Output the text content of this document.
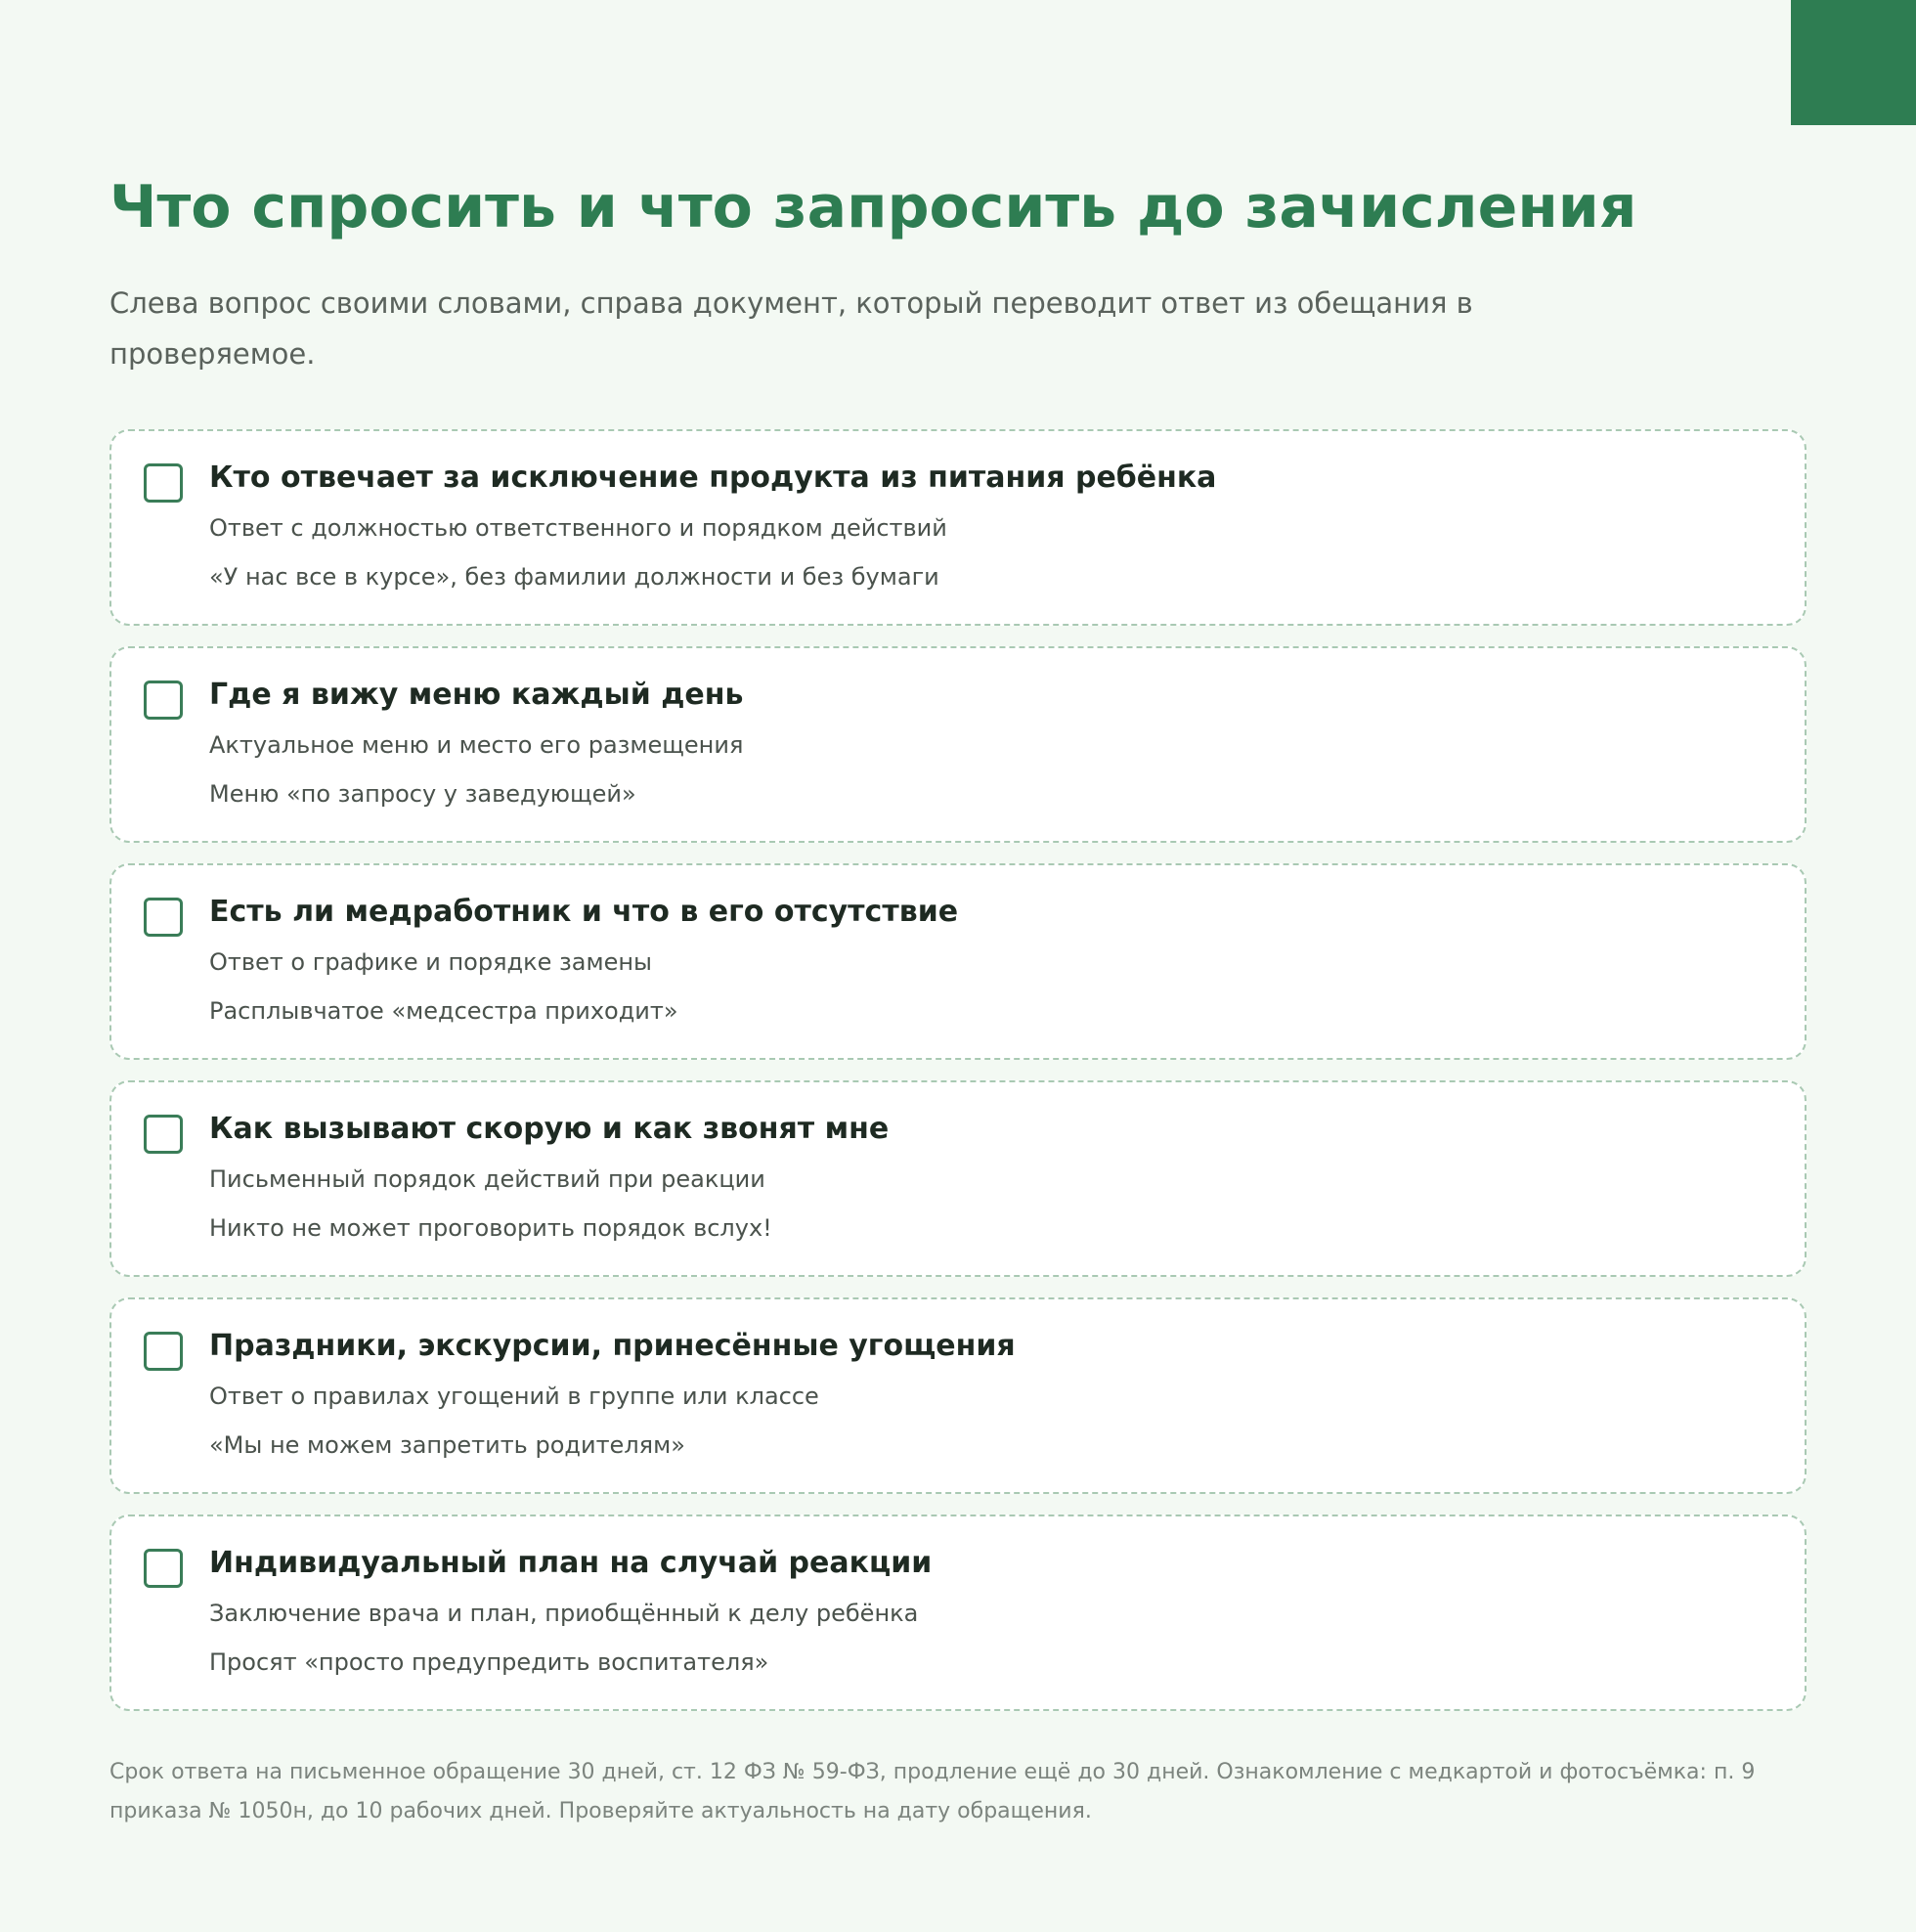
Что спросить и что запросить до зачисления

Слева вопрос своими словами, справа документ, который переводит ответ из обещания в проверяемое.

Кто отвечает за исключение продукта из питания ребёнка
Ответ с должностью ответственного и порядком действий
«У нас все в курсе», без фамилии должности и без бумаги
Где я вижу меню каждый день
Актуальное меню и место его размещения
Меню «по запросу у заведующей»
Есть ли медработник и что в его отсутствие
Ответ о графике и порядке замены
Расплывчатое «медсестра приходит»
Как вызывают скорую и как звонят мне
Письменный порядок действий при реакции
Никто не может проговорить порядок вслух!
Праздники, экскурсии, принесённые угощения
Ответ о правилах угощений в группе или классе
«Мы не можем запретить родителям»
Индивидуальный план на случай реакции
Заключение врача и план, приобщённый к делу ребёнка
Просят «просто предупредить воспитателя»

Срок ответа на письменное обращение 30 дней, ст. 12 ФЗ № 59-ФЗ, продление ещё до 30 дней. Ознакомление с медкартой и фотосъёмка: п. 9 приказа № 1050н, до 10 рабочих дней. Проверяйте актуальность на дату обращения.
